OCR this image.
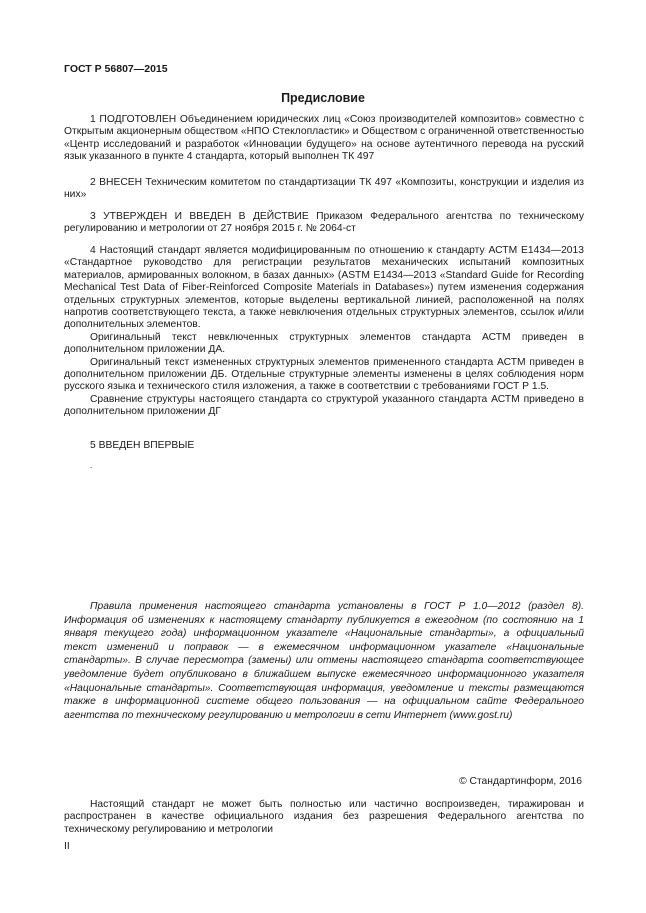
ГОСТ Р 56807—2015
Предисловие

1 ПОДГОТОВЛЕН Объединением юридических лиц «Союз производителей композитов» совместно с Открытым акционерным обществом «НПО Стеклопластик» и Обществом с ограниченной ответственностью «Центр исследований и разработок «Инновации будущего» на основе аутентичного перевода на русский язык указанного в пункте 4 стандарта, который выполнен ТК 497

2 ВНЕСЕН Техническим комитетом по стандартизации ТК 497 «Композиты, конструкции и изделия из них»

3 УТВЕРЖДЕН И ВВЕДЕН В ДЕЙСТВИЕ Приказом Федерального агентства по техническому регулированию и метрологии от 27 ноября 2015 г. № 2064-ст

4 Настоящий стандарт является модифицированным по отношению к стандарту АСТМ Е1434—2013 «Стандартное руководство для регистрации результатов механических испытаний композитных материалов, армированных волокном, в базах данных» (ASTM E1434—2013 «Standard Guide for Recording Mechanical Test Data of Fiber-Reinforced Composite Materials in Databases») путем изменения содержания отдельных структурных элементов, которые выделены вертикальной линией, расположенной на полях напротив соответствующего текста, а также невключения отдельных структурных элементов, ссылок и/или дополнительных элементов.

Оригинальный текст невключенных структурных элементов стандарта АСТМ приведен в дополнительном приложении ДА.

Оригинальный текст измененных структурных элементов примененного стандарта АСТМ приведен в дополнительном приложении ДБ. Отдельные структурные элементы изменены в целях соблюдения норм русского языка и технического стиля изложения, а также в соответствии с требованиями ГОСТ Р 1.5.

Сравнение структуры настоящего стандарта со структурой указанного стандарта АСТМ приведено в дополнительном приложении ДГ

5 ВВЕДЕН ВПЕРВЫЕ

.
Правила применения настоящего стандарта установлены в ГОСТ Р 1.0—2012 (раздел 8). Информация об изменениях к настоящему стандарту публикуется в ежегодном (по состоянию на 1 января текущего года) информационном указателе «Национальные стандарты», а официальный текст изменений и поправок — в ежемесячном информационном указателе «Национальные стандарты». В случае пересмотра (замены) или отмены настоящего стандарта соответствующее уведомление будет опубликовано в ближайшем выпуске ежемесячного информационного указателя «Национальные стандарты». Соответствующая информация, уведомление и тексты размещаются также в информационной системе общего пользования — на официальном сайте Федерального агентства по техническому регулированию и метрологии в сети Интернет (www.gost.ru)
© Стандартинформ, 2016
Настоящий стандарт не может быть полностью или частично воспроизведен, тиражирован и распространен в качестве официального издания без разрешения Федерального агентства по техническому регулированию и метрологии
II
